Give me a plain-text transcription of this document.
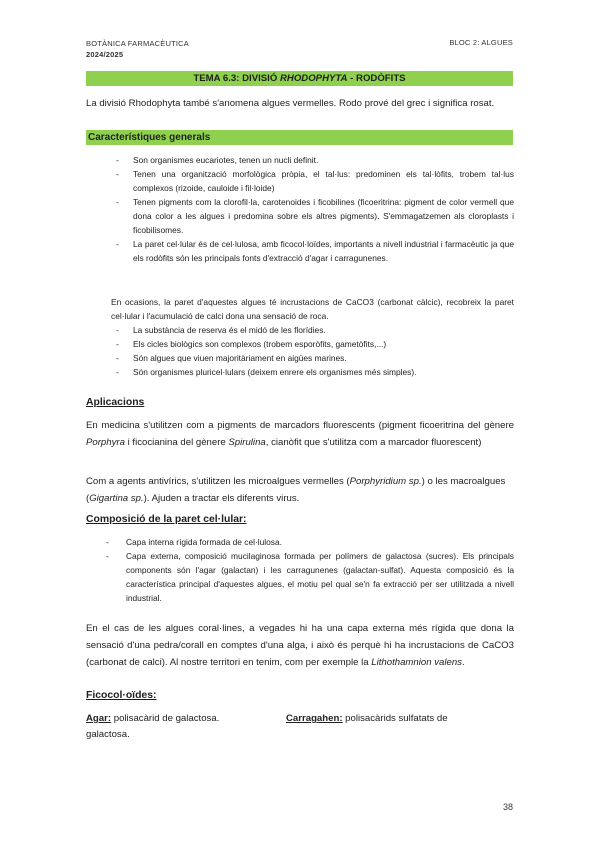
BOTÀNICA FARMACÈUTICA
2024/2025
BLOC 2: ALGUES
TEMA 6.3: DIVISIÓ RHODOPHYTA - RODÒFITS
La divisió Rhodophyta també s'anomena algues vermelles. Rodo prové del grec i significa rosat.
Característiques generals
- Son organismes eucariotes, tenen un nucli definit.
- Tenen una organització morfològica pròpia, el tal·lus: predominen els tal·lòfits, trobem tal·lus complexos (rizoide, cauloide i fil·loide)
- Tenen pigments com la clorofil·la, carotenoides i ficobilines (ficoeritrina: pigment de color vermell que dona color a les algues i predomina sobre els altres pigments). S'emmagatzemen als cloroplasts i ficobilisomes.
- La paret cel·lular és de cel·lulosa, amb ficocol·loïdes, importants a nivell industrial i farmacèutic ja que els rodòfits són les principals fonts d'extracció d'agar i carragunenes.
En ocasions, la paret d'aquestes algues té incrustacions de CaCO3 (carbonat càlcic), recobreix la paret cel·lular i l'acumulació de calci dona una sensació de roca.
- La substància de reserva és el midó de les florídies.
- Els cicles biològics son complexos (trobem esporòfits, gametòfits,...)
- Són algues que viuen majoritàriament en aigües marines.
- Són organismes pluricel·lulars (deixem enrere els organismes més simples).
Aplicacions
En medicina s'utilitzen com a pigments de marcadors fluorescents (pigment ficoeritrina del gènere Porphyra i ficocianina del gènere Spirulina, cianòfit que s'utilitza com a marcador fluorescent)
Com a agents antivírics, s'utilitzen les microalgues vermelles (Porphyridium sp.) o les macroalgues (Gigartina sp.). Ajuden a tractar els diferents virus.
Composició de la paret cel·lular:
- Capa interna rígida formada de cel·lulosa.
- Capa externa, composició mucilaginosa formada per polímers de galactosa (sucres). Els principals components són l'agar (galactan) i les carragunenes (galactan-sulfat). Aquesta composició és la característica principal d'aquestes algues, el motiu pel qual se'n fa extracció per ser utilitzada a nivell industrial.
En el cas de les algues coral·lines, a vegades hi ha una capa externa més rígida que dona la sensació d'una pedra/corall en comptes d'una alga, i això és perquè hi ha incrustacions de CaCO3 (carbonat de calci). Al nostre territori en tenim, com per exemple la Lithothamnion valens.
Ficocol·oïdes:
Agar: polisacàrid de galactosa.	Carragahen: polisacàrids sulfatats de
galactosa.
38
